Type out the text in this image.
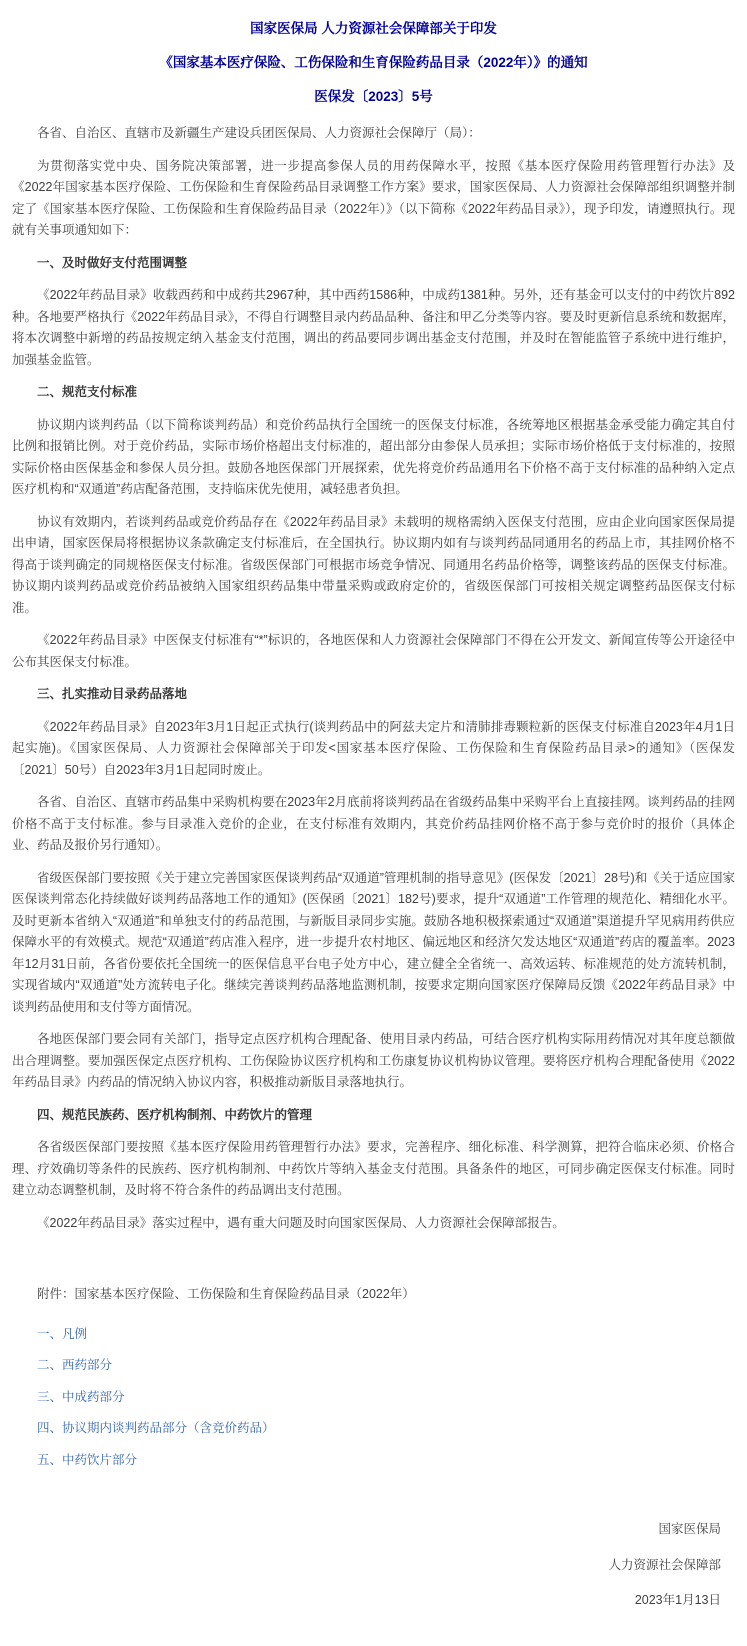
国家医保局 人力资源社会保障部关于印发
《国家基本医疗保险、工伤保险和生育保险药品目录（2022年）》的通知
医保发〔2023〕5号
各省、自治区、直辖市及新疆生产建设兵团医保局、人力资源社会保障厅（局）：
为贯彻落实党中央、国务院决策部署，进一步提高参保人员的用药保障水平，按照《基本医疗保险用药管理暂行办法》及《2022年国家基本医疗保险、工伤保险和生育保险药品目录调整工作方案》要求，国家医保局、人力资源社会保障部组织调整并制定了《国家基本医疗保险、工伤保险和生育保险药品目录（2022年）》（以下简称《2022年药品目录》），现予印发，请遵照执行。现就有关事项通知如下：
一、及时做好支付范围调整
《2022年药品目录》收载西药和中成药共2967种，其中西药1586种，中成药1381种。另外，还有基金可以支付的中药饮片892种。各地要严格执行《2022年药品目录》，不得自行调整目录内药品品种、备注和甲乙分类等内容。要及时更新信息系统和数据库，将本次调整中新增的药品按规定纳入基金支付范围，调出的药品要同步调出基金支付范围，并及时在智能监管子系统中进行维护，加强基金监管。
二、规范支付标准
协议期内谈判药品（以下简称谈判药品）和竞价药品执行全国统一的医保支付标准，各统筹地区根据基金承受能力确定其自付比例和报销比例。对于竞价药品，实际市场价格超出支付标准的，超出部分由参保人员承担；实际市场价格低于支付标准的，按照实际价格由医保基金和参保人员分担。鼓励各地医保部门开展探索，优先将竞价药品通用名下价格不高于支付标准的品种纳入定点医疗机构和“双通道”药店配备范围，支持临床优先使用，减轻患者负担。
协议有效期内，若谈判药品或竞价药品存在《2022年药品目录》未载明的规格需纳入医保支付范围，应由企业向国家医保局提出申请，国家医保局将根据协议条款确定支付标准后，在全国执行。协议期内如有与谈判药品同通用名的药品上市，其挂网价格不得高于谈判确定的同规格医保支付标准。省级医保部门可根据市场竞争情况、同通用名药品价格等，调整该药品的医保支付标准。协议期内谈判药品或竞价药品被纳入国家组织药品集中带量采购或政府定价的，省级医保部门可按相关规定调整药品医保支付标准。
《2022年药品目录》中医保支付标准有“*”标识的，各地医保和人力资源社会保障部门不得在公开发文、新闻宣传等公开途径中公布其医保支付标准。
三、扎实推动目录药品落地
《2022年药品目录》自2023年3月1日起正式执行(谈判药品中的阿兹夫定片和清肺排毒颗粒新的医保支付标准自2023年4月1日起实施)。《国家医保局、人力资源社会保障部关于印发<国家基本医疗保险、工伤保险和生育保险药品目录>的通知》（医保发〔2021〕50号）自2023年3月1日起同时废止。
各省、自治区、直辖市药品集中采购机构要在2023年2月底前将谈判药品在省级药品集中采购平台上直接挂网。谈判药品的挂网价格不高于支付标准。参与目录准入竞价的企业，在支付标准有效期内，其竞价药品挂网价格不高于参与竞价时的报价（具体企业、药品及报价另行通知）。
省级医保部门要按照《关于建立完善国家医保谈判药品“双通道”管理机制的指导意见》(医保发〔2021〕28号)和《关于适应国家医保谈判常态化持续做好谈判药品落地工作的通知》(医保函〔2021〕182号)要求，提升“双通道”工作管理的规范化、精细化水平。及时更新本省纳入“双通道”和单独支付的药品范围，与新版目录同步实施。鼓励各地积极探索通过“双通道”渠道提升罕见病用药供应保障水平的有效模式。规范“双通道”药店准入程序，进一步提升农村地区、偏远地区和经济欠发达地区“双通道”药店的覆盖率。2023年12月31日前，各省份要依托全国统一的医保信息平台电子处方中心，建立健全全省统一、高效运转、标准规范的处方流转机制，实现省域内“双通道”处方流转电子化。继续完善谈判药品落地监测机制，按要求定期向国家医疗保障局反馈《2022年药品目录》中谈判药品使用和支付等方面情况。
各地医保部门要会同有关部门，指导定点医疗机构合理配备、使用目录内药品，可结合医疗机构实际用药情况对其年度总额做出合理调整。要加强医保定点医疗机构、工伤保险协议医疗机构和工伤康复协议机构协议管理。要将医疗机构合理配备使用《2022年药品目录》内药品的情况纳入协议内容，积极推动新版目录落地执行。
四、规范民族药、医疗机构制剂、中药饮片的管理
各省级医保部门要按照《基本医疗保险用药管理暂行办法》要求，完善程序、细化标准、科学测算，把符合临床必须、价格合理、疗效确切等条件的民族药、医疗机构制剂、中药饮片等纳入基金支付范围。具备条件的地区，可同步确定医保支付标准。同时建立动态调整机制，及时将不符合条件的药品调出支付范围。
《2022年药品目录》落实过程中，遇有重大问题及时向国家医保局、人力资源社会保障部报告。
附件：国家基本医疗保险、工伤保险和生育保险药品目录（2022年）
一、凡例
二、西药部分
三、中成药部分
四、协议期内谈判药品部分（含竞价药品）
五、中药饮片部分
国家医保局
人力资源社会保障部
2023年1月13日
